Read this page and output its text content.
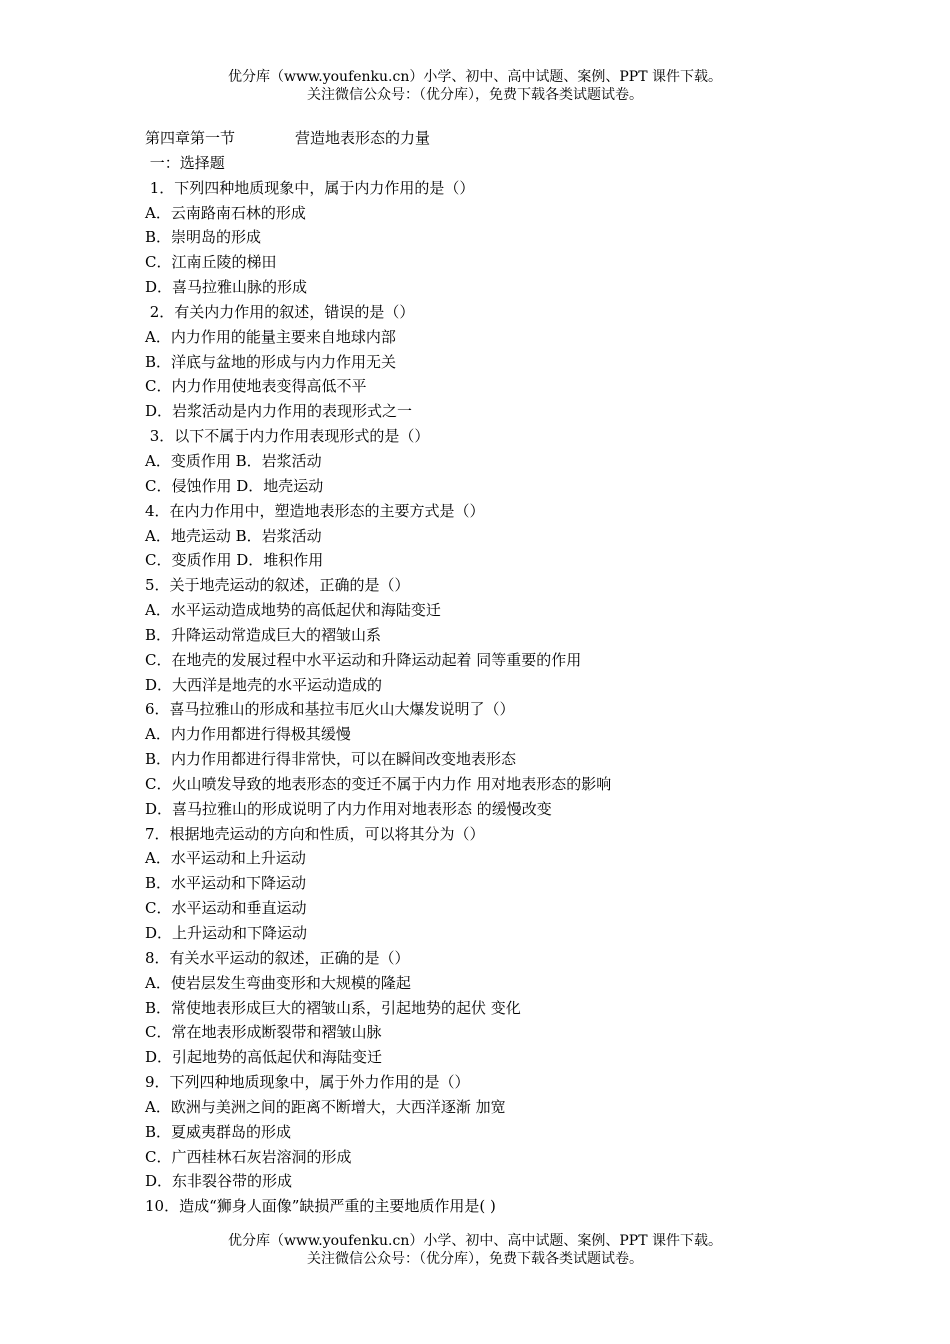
优分库（www.youfenku.cn）小学、初中、高中试题、案例、PPT 课件下载。
关注微信公众号：（优分库），免费下载各类试题试卷。
第四章第一节	营造地表形态的力量
一：选择题
1．下列四种地质现象中，属于内力作用的是（）
A．云南路南石林的形成
B．崇明岛的形成
C．江南丘陵的梯田
D．喜马拉雅山脉的形成
2．有关内力作用的叙述，错误的是（）
A．内力作用的能量主要来自地球内部
B．洋底与盆地的形成与内力作用无关
C．内力作用使地表变得高低不平
D．岩浆活动是内力作用的表现形式之一
3．以下不属于内力作用表现形式的是（）
A．变质作用 B．岩浆活动
C．侵蚀作用 D．地壳运动
4．在内力作用中，塑造地表形态的主要方式是（）
A．地壳运动 B．岩浆活动
C．变质作用 D．堆积作用
5．关于地壳运动的叙述，正确的是（）
A．水平运动造成地势的高低起伏和海陆变迁
B．升降运动常造成巨大的褶皱山系
C．在地壳的发展过程中水平运动和升降运动起着 同等重要的作用
D．大西洋是地壳的水平运动造成的
6．喜马拉雅山的形成和基拉韦厄火山大爆发说明了（）
A．内力作用都进行得极其缓慢
B．内力作用都进行得非常快，可以在瞬间改变地表形态
C．火山喷发导致的地表形态的变迁不属于内力作 用对地表形态的影响
D．喜马拉雅山的形成说明了内力作用对地表形态 的缓慢改变
7．根据地壳运动的方向和性质，可以将其分为（）
A．水平运动和上升运动
B．水平运动和下降运动
C．水平运动和垂直运动
D．上升运动和下降运动
8．有关水平运动的叙述，正确的是（）
A．使岩层发生弯曲变形和大规模的隆起
B．常使地表形成巨大的褶皱山系，引起地势的起伏 变化
C．常在地表形成断裂带和褶皱山脉
D．引起地势的高低起伏和海陆变迁
9．下列四种地质现象中，属于外力作用的是（）
A．欧洲与美洲之间的距离不断增大，大西洋逐渐 加宽
B．夏威夷群岛的形成
C．广西桂林石灰岩溶洞的形成
D．东非裂谷带的形成
10．造成“狮身人面像”缺损严重的主要地质作用是( )
优分库（www.youfenku.cn）小学、初中、高中试题、案例、PPT 课件下载。
关注微信公众号：（优分库），免费下载各类试题试卷。
